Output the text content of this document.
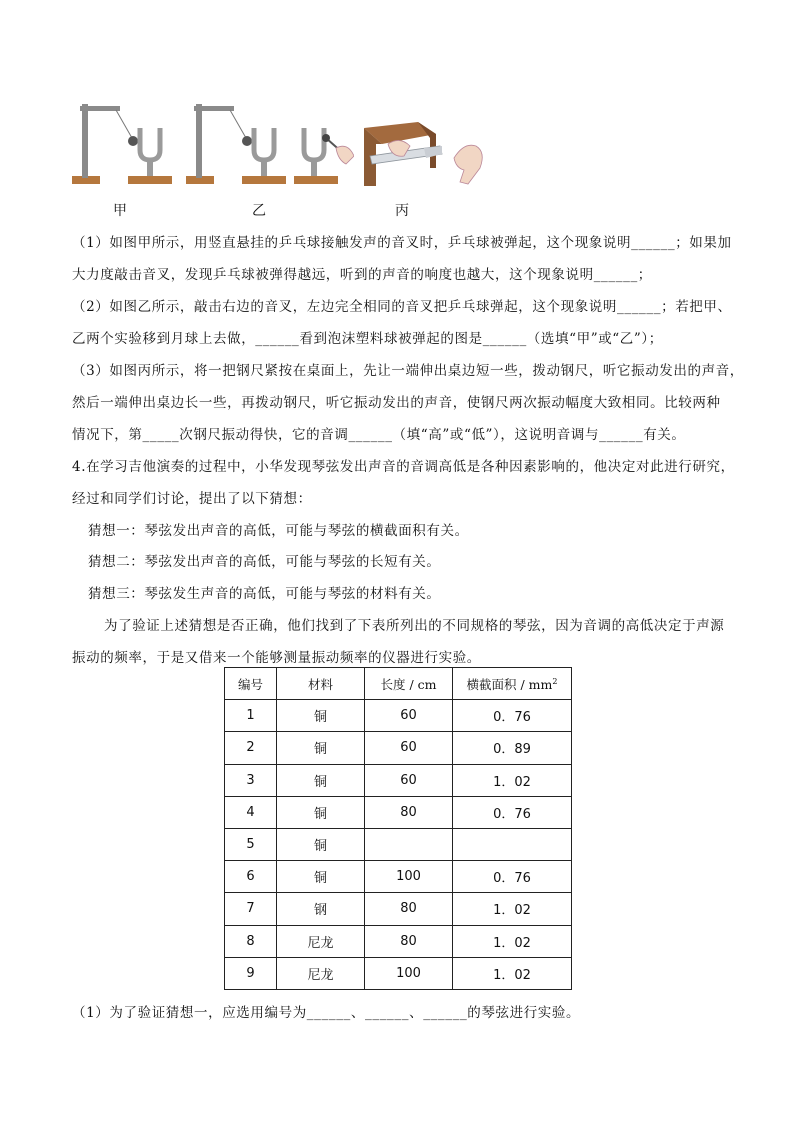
甲	乙	丙
（1）如图甲所示，用竖直悬挂的乒乓球接触发声的音叉时，乒乓球被弹起，这个现象说明______；如果加
大力度敲击音叉，发现乒乓球被弹得越远，听到的声音的响度也越大，这个现象说明______；
（2）如图乙所示，敲击右边的音叉，左边完全相同的音叉把乒乓球弹起，这个现象说明______；若把甲、
乙两个实验移到月球上去做，______看到泡沫塑料球被弹起的图是______（选填“甲”或“乙”）；
（3）如图丙所示，将一把钢尺紧按在桌面上，先让一端伸出桌边短一些，拨动钢尺，听它振动发出的声音，
然后一端伸出桌边长一些，再拨动钢尺，听它振动发出的声音，使钢尺两次振动幅度大致相同。比较两种
情况下，第_____次钢尺振动得快，它的音调______（填“高”或“低”），这说明音调与______有关。
4.在学习吉他演奏的过程中，小华发现琴弦发出声音的音调高低是各种因素影响的，他决定对此进行研究，
经过和同学们讨论，提出了以下猜想：
猜想一：琴弦发出声音的高低，可能与琴弦的横截面积有关。
猜想二：琴弦发出声音的高低，可能与琴弦的长短有关。
猜想三：琴弦发生声音的高低，可能与琴弦的材料有关。
为了验证上述猜想是否正确，他们找到了下表所列出的不同规格的琴弦，因为音调的高低决定于声源
振动的频率，于是又借来一个能够测量振动频率的仪器进行实验。
编号	材料	长度 / cm	横截面积 / $mm^2$
1	铜	60	0．76
2	铜	60	0．89
3	铜	60	1．02
4	铜	80	0．76
5	铜		
6	铜	100	0．76
7	钢	80	1．02
8	尼龙	80	1．02
9	尼龙	100	1．02
（1）为了验证猜想一，应选用编号为______、______、______的琴弦进行实验。
